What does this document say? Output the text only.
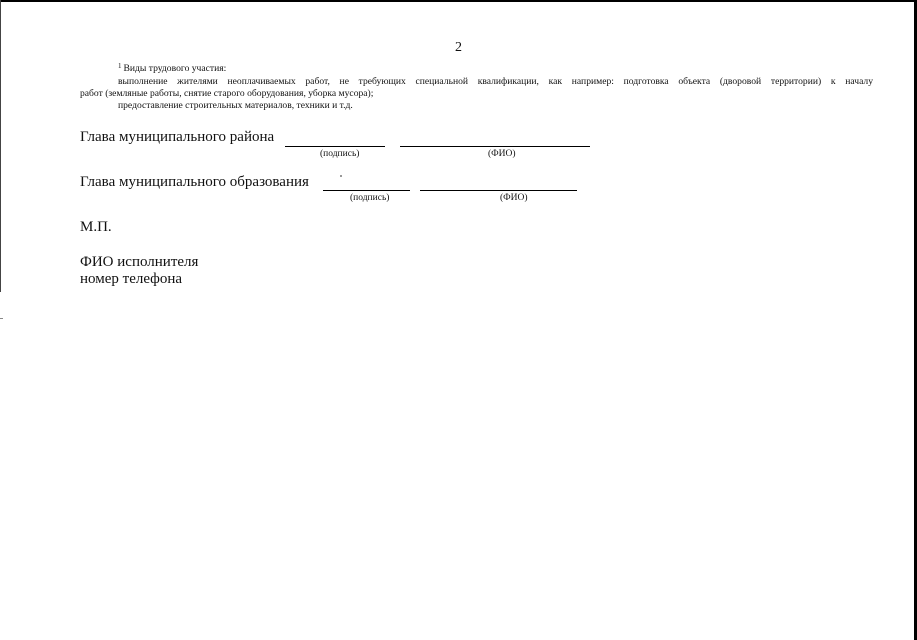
2
$^1$ Виды трудового участия:
выполнение жителями неоплачиваемых работ, не требующих специальной квалификации, как например: подготовка объекта (дворовой территории) к началу
работ (земляные работы, снятие старого оборудования, уборка мусора);
предоставление строительных материалов, техники и т.д.
Глава муниципального района
(подпись)	(ФИО)
Глава муниципального образования
(подпись)	(ФИО)
М.П.
ФИО исполнителя
номер телефона
